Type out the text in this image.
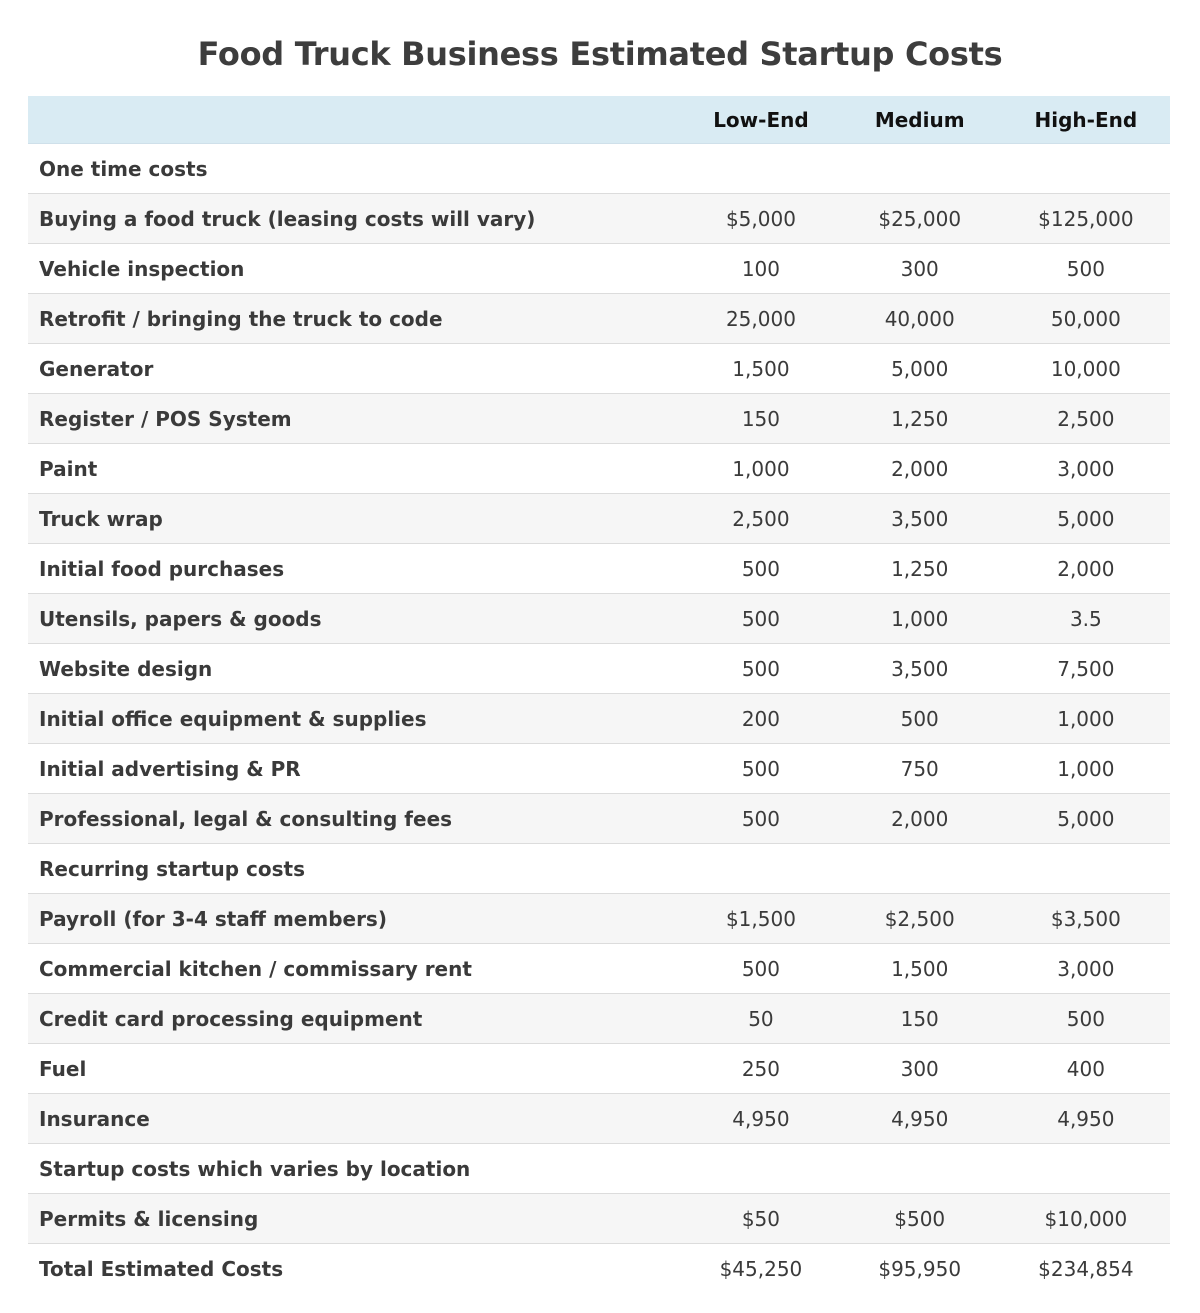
Food Truck Business Estimated Startup Costs
	Low-End	Medium	High-End
One time costs			
Buying a food truck (leasing costs will vary)	$5,000	$25,000	$125,000
Vehicle inspection	100	300	500
Retrofit / bringing the truck to code	25,000	40,000	50,000
Generator	1,500	5,000	10,000
Register / POS System	150	1,250	2,500
Paint	1,000	2,000	3,000
Truck wrap	2,500	3,500	5,000
Initial food purchases	500	1,250	2,000
Utensils, papers & goods	500	1,000	3.5
Website design	500	3,500	7,500
Initial office equipment & supplies	200	500	1,000
Initial advertising & PR	500	750	1,000
Professional, legal & consulting fees	500	2,000	5,000
Recurring startup costs			
Payroll (for 3-4 staff members)	$1,500	$2,500	$3,500
Commercial kitchen / commissary rent	500	1,500	3,000
Credit card processing equipment	50	150	500
Fuel	250	300	400
Insurance	4,950	4,950	4,950
Startup costs which varies by location			
Permits & licensing	$50	$500	$10,000
Total Estimated Costs	$45,250	$95,950	$234,854
